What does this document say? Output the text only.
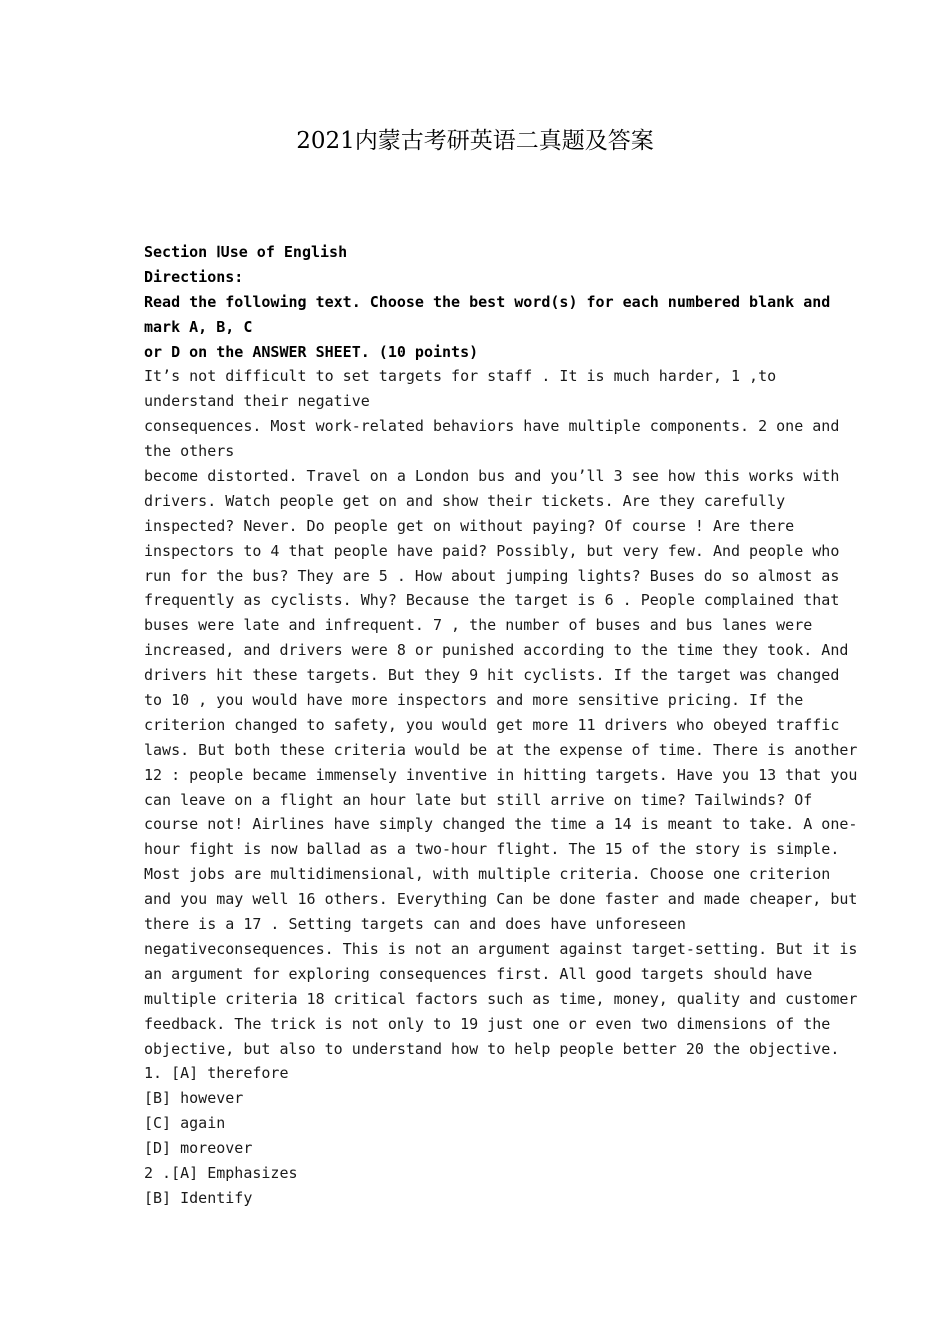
2021内蒙古考研英语二真题及答案
Section ⅠUse of English
Directions:
Read the following text. Choose the best word(s) for each numbered blank and
mark A, B, C
or D on the ANSWER SHEET. (10 points)
It’s not difficult to set targets for staff . It is much harder, 1 ,to
understand their negative
consequences. Most work-related behaviors have multiple components. 2 one and
the others
become distorted. Travel on a London bus and you’ll 3 see how this works with
drivers. Watch people get on and show their tickets. Are they carefully
inspected? Never. Do people get on without paying? Of course ! Are there
inspectors to 4 that people have paid? Possibly, but very few. And people who
run for the bus? They are 5 . How about jumping lights? Buses do so almost as
frequently as cyclists. Why? Because the target is 6 . People complained that
buses were late and infrequent. 7 , the number of buses and bus lanes were
increased, and drivers were 8 or punished according to the time they took. And
drivers hit these targets. But they 9 hit cyclists. If the target was changed
to 10 , you would have more inspectors and more sensitive pricing. If the
criterion changed to safety, you would get more 11 drivers who obeyed traffic
laws. But both these criteria would be at the expense of time. There is another
12 : people became immensely inventive in hitting targets. Have you 13 that you
can leave on a flight an hour late but still arrive on time? Tailwinds? Of
course not! Airlines have simply changed the time a 14 is meant to take. A one-
hour fight is now ballad as a two-hour flight. The 15 of the story is simple.
Most jobs are multidimensional, with multiple criteria. Choose one criterion
and you may well 16 others. Everything Can be done faster and made cheaper, but
there is a 17 . Setting targets can and does have unforeseen
negativeconsequences. This is not an argument against target-setting. But it is
an argument for exploring consequences first. All good targets should have
multiple criteria 18 critical factors such as time, money, quality and customer
feedback. The trick is not only to 19 just one or even two dimensions of the
objective, but also to understand how to help people better 20 the objective.
1. [A] therefore
[B] however
[C] again
[D] moreover
2 .[A] Emphasizes
[B] Identify
